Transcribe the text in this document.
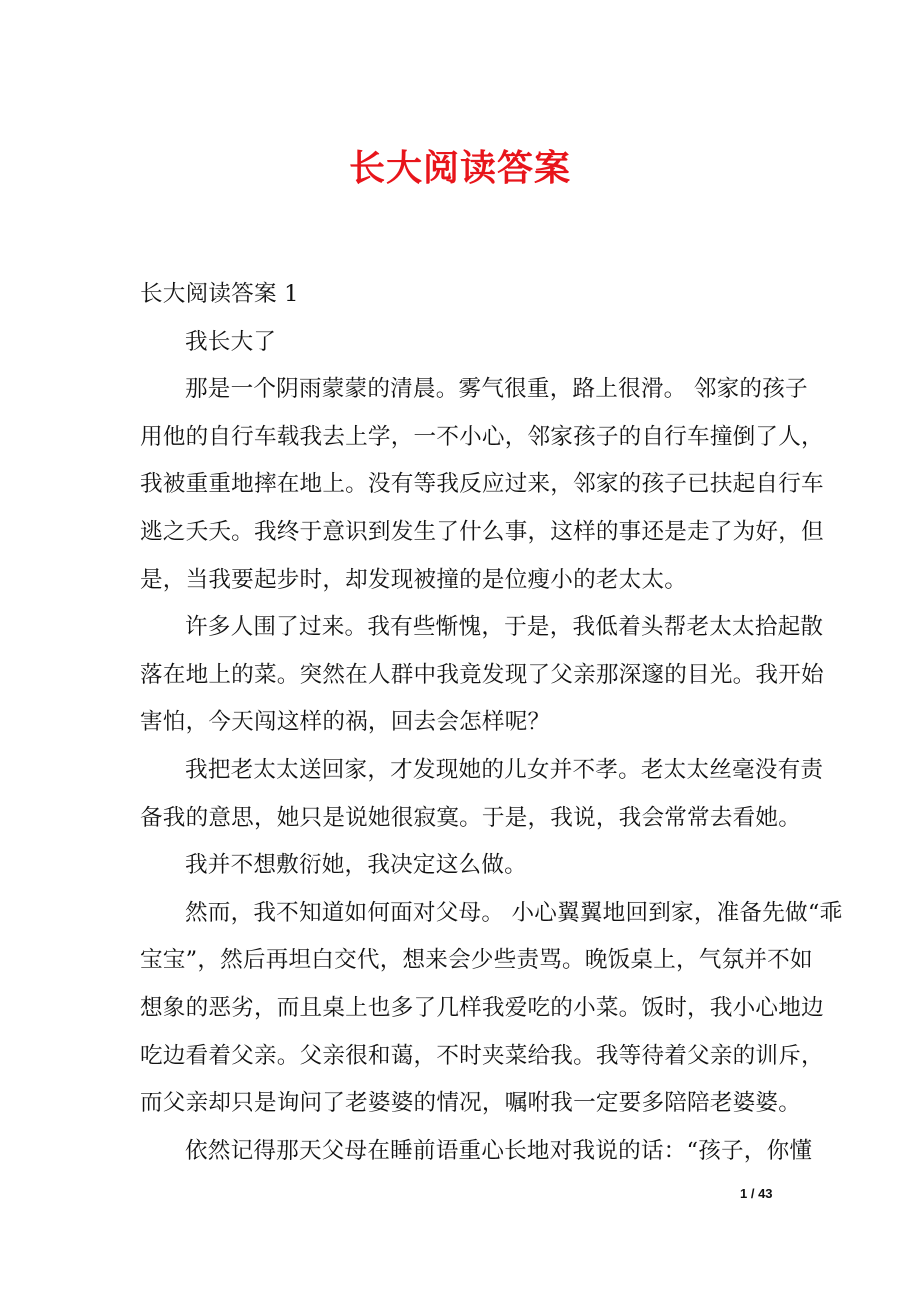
长大阅读答案
长大阅读答案 1
我长大了
那是一个阴雨蒙蒙的清晨。雾气很重，路上很滑。 邻家的孩子
用他的自行车载我去上学，一不小心，邻家孩子的自行车撞倒了人，
我被重重地摔在地上。没有等我反应过来，邻家的孩子已扶起自行车
逃之夭夭。我终于意识到发生了什么事，这样的事还是走了为好，但
是，当我要起步时，却发现被撞的是位瘦小的老太太。
许多人围了过来。我有些惭愧，于是，我低着头帮老太太拾起散
落在地上的菜。突然在人群中我竟发现了父亲那深邃的目光。我开始
害怕，今天闯这样的祸，回去会怎样呢？
我把老太太送回家，才发现她的儿女并不孝。老太太丝毫没有责
备我的意思，她只是说她很寂寞。于是，我说，我会常常去看她。
我并不想敷衍她，我决定这么做。
然而，我不知道如何面对父母。 小心翼翼地回到家，准备先做“乖
宝宝”，然后再坦白交代，想来会少些责骂。晚饭桌上，气氛并不如
想象的恶劣，而且桌上也多了几样我爱吃的小菜。饭时，我小心地边
吃边看着父亲。父亲很和蔼，不时夹菜给我。我等待着父亲的训斥，
而父亲却只是询问了老婆婆的情况，嘱咐我一定要多陪陪老婆婆。
依然记得那天父母在睡前语重心长地对我说的话：“孩子，你懂
1 / 43
